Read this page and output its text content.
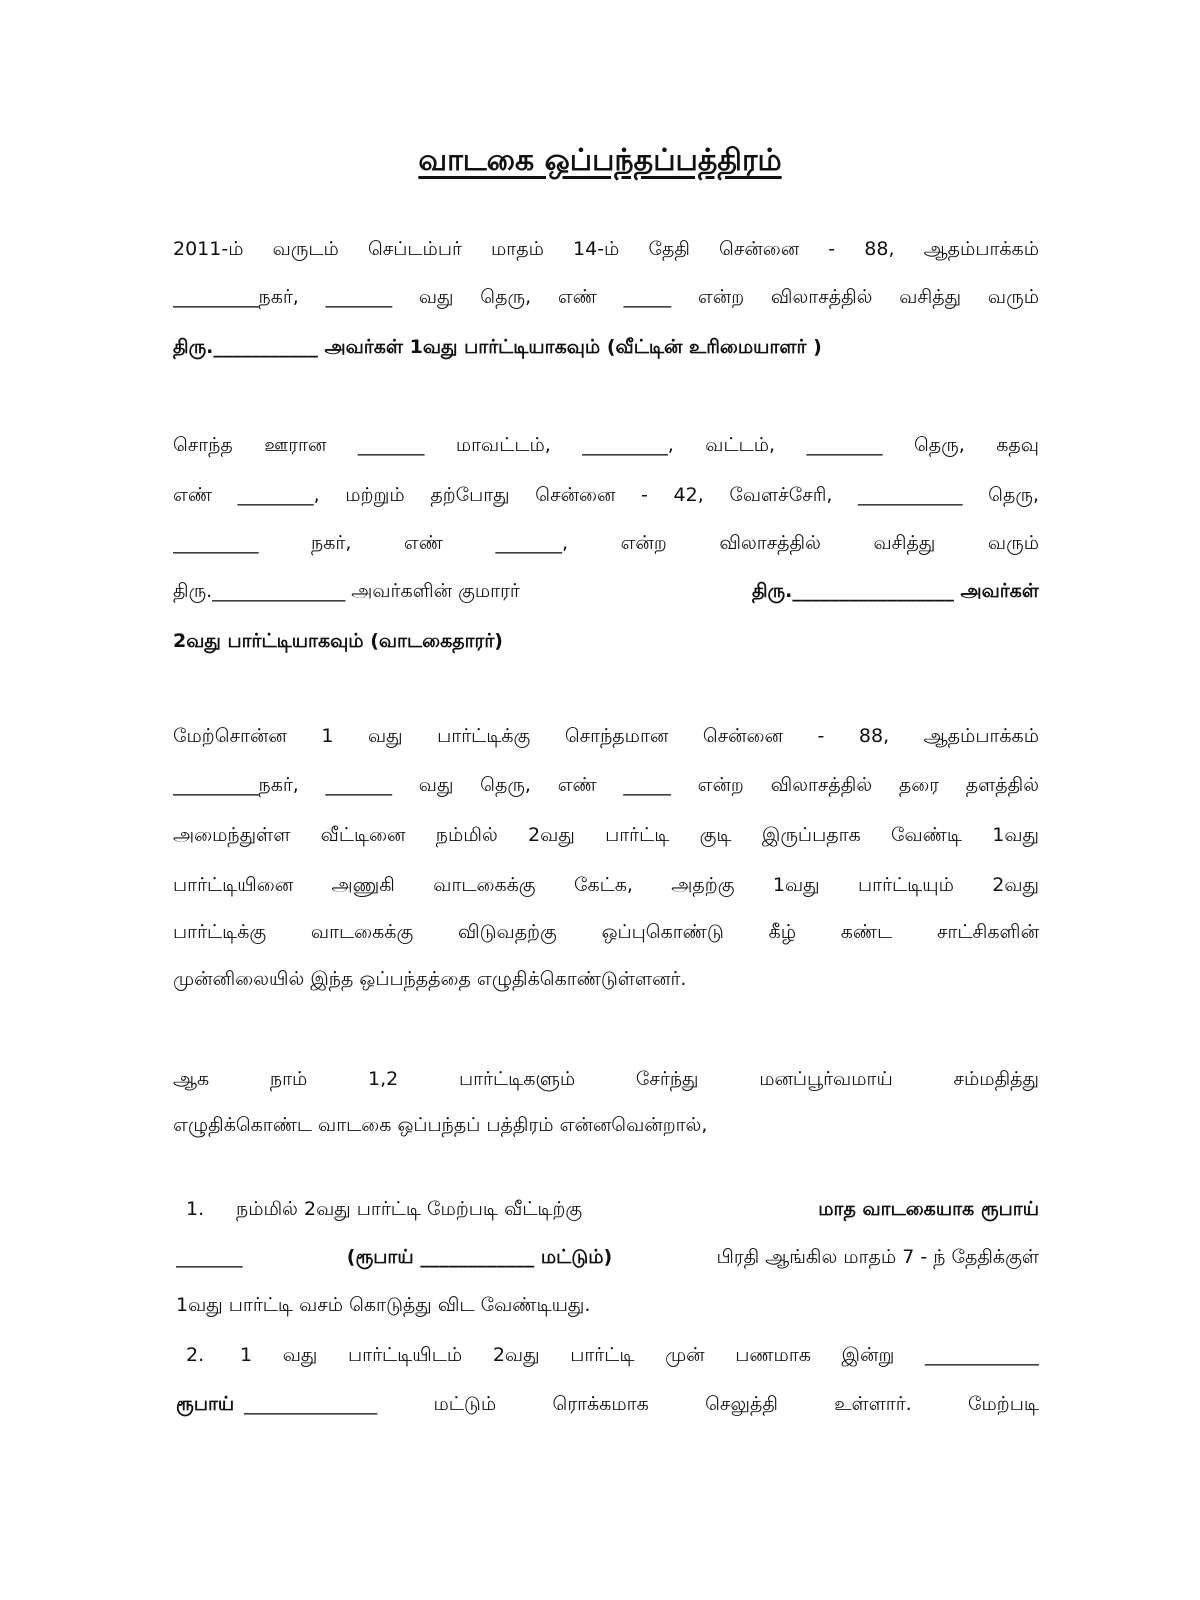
வாடகை ஒப்பந்தப்பத்திரம்
2011-ம் வருடம் செப்டம்பர் மாதம் 14-ம் தேதி சென்னை - 88, ஆதம்பாக்கம்
_________நகர், _______ வது தெரு, எண் _____ என்ற விலாசத்தில் வசித்து வரும்
திரு.___________ அவர்கள் 1வது பார்ட்டியாகவும் (வீட்டின் உரிமையாளர் )
சொந்த ஊரான _______ மாவட்டம், _________, வட்டம், ________ தெரு, கதவு
எண் ________, மற்றும் தற்போது சென்னை - 42, வேளச்சேரி, ___________ தெரு,
_________ நகர், எண் _______, என்ற விலாசத்தில் வசித்து வரும்
திரு.______________ அவர்களின் குமாரர்	திரு._________________ அவர்கள்
2வது பார்ட்டியாகவும் (வாடகைதாரர்)
மேற்சொன்ன 1 வது பார்ட்டிக்கு சொந்தமான சென்னை - 88, ஆதம்பாக்கம்
_________நகர், _______ வது தெரு, எண் _____ என்ற விலாசத்தில் தரை தளத்தில்
அமைந்துள்ள வீட்டினை நம்மில் 2வது பார்ட்டி குடி இருப்பதாக வேண்டி 1வது
பார்ட்டியினை அணுகி வாடகைக்கு கேட்க, அதற்கு 1வது பார்ட்டியும் 2வது
பார்ட்டிக்கு வாடகைக்கு விடுவதற்கு ஒப்புகொண்டு கீழ் கண்ட சாட்சிகளின்
முன்னிலையில் இந்த ஒப்பந்தத்தை எழுதிக்கொண்டுள்ளனர்.
ஆக நாம் 1,2 பார்ட்டிகளும் சேர்ந்து மனப்பூர்வமாய் சம்மதித்து
எழுதிக்கொண்ட வாடகை ஒப்பந்தப் பத்திரம் என்னவென்றால்,
1. நம்மில் 2வது பார்ட்டி மேற்படி வீட்டிற்கு	மாத வாடகையாக ரூபாய்
_______	(ரூபாய் ____________ மட்டும்)	பிரதி ஆங்கில மாதம் 7 - ந் தேதிக்குள்
1வது பார்ட்டி வசம் கொடுத்து விட வேண்டியது.
2. 1 வது பார்ட்டியிடம் 2வது பார்ட்டி முன் பணமாக இன்று ____________
ரூபாய் ______________ மட்டும் ரொக்கமாக செலுத்தி உள்ளார். மேற்படி
